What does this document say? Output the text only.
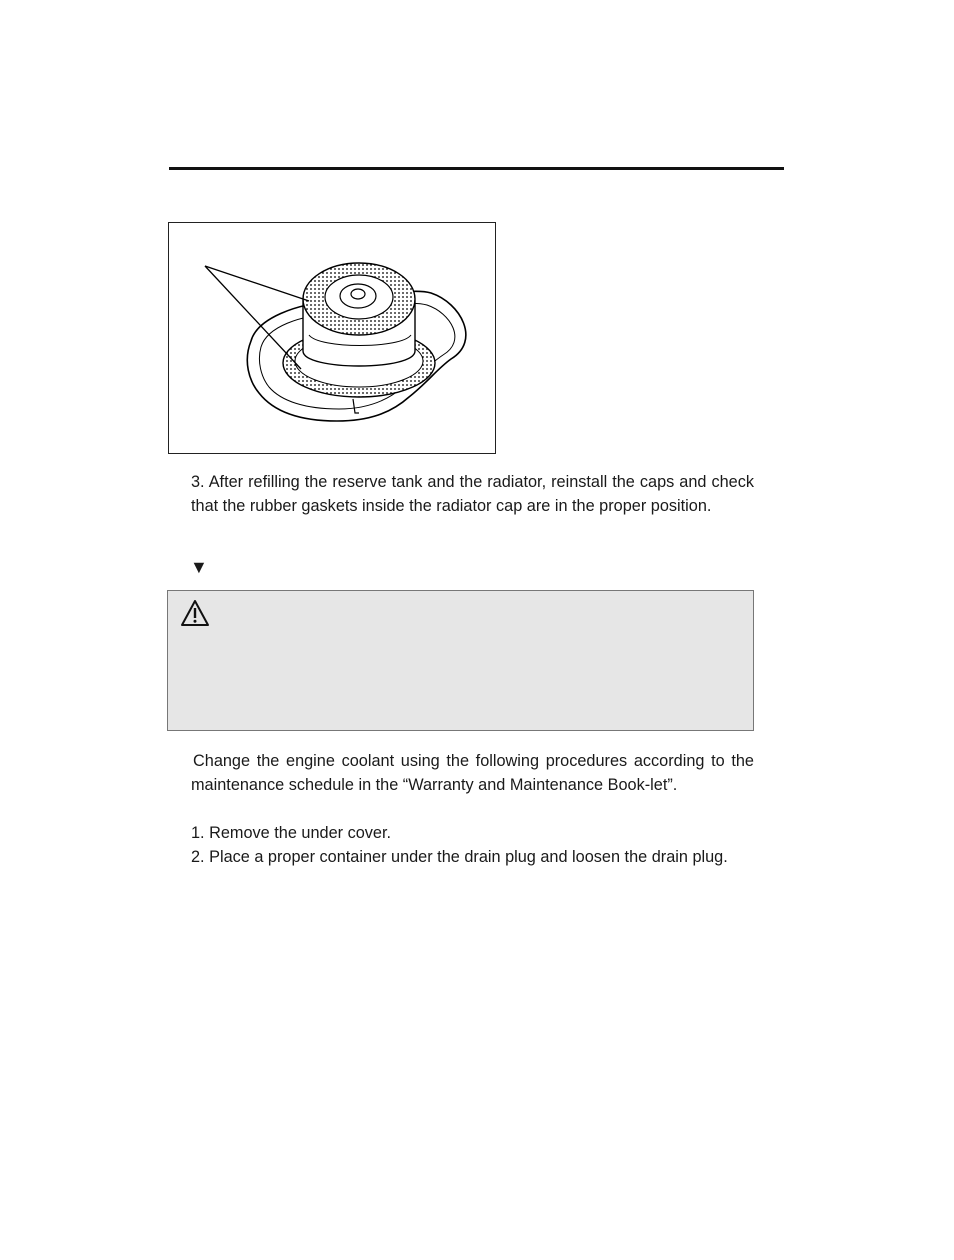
3. After refilling the reserve tank and the radiator, reinstall the caps and check that the rubber gaskets inside the radiator cap are in the proper position.
▼
Change the engine coolant using the following procedures according to the maintenance schedule in the “Warranty and Maintenance Book-let”.
1. Remove the under cover.
2. Place a proper container under the drain plug and loosen the drain plug.
